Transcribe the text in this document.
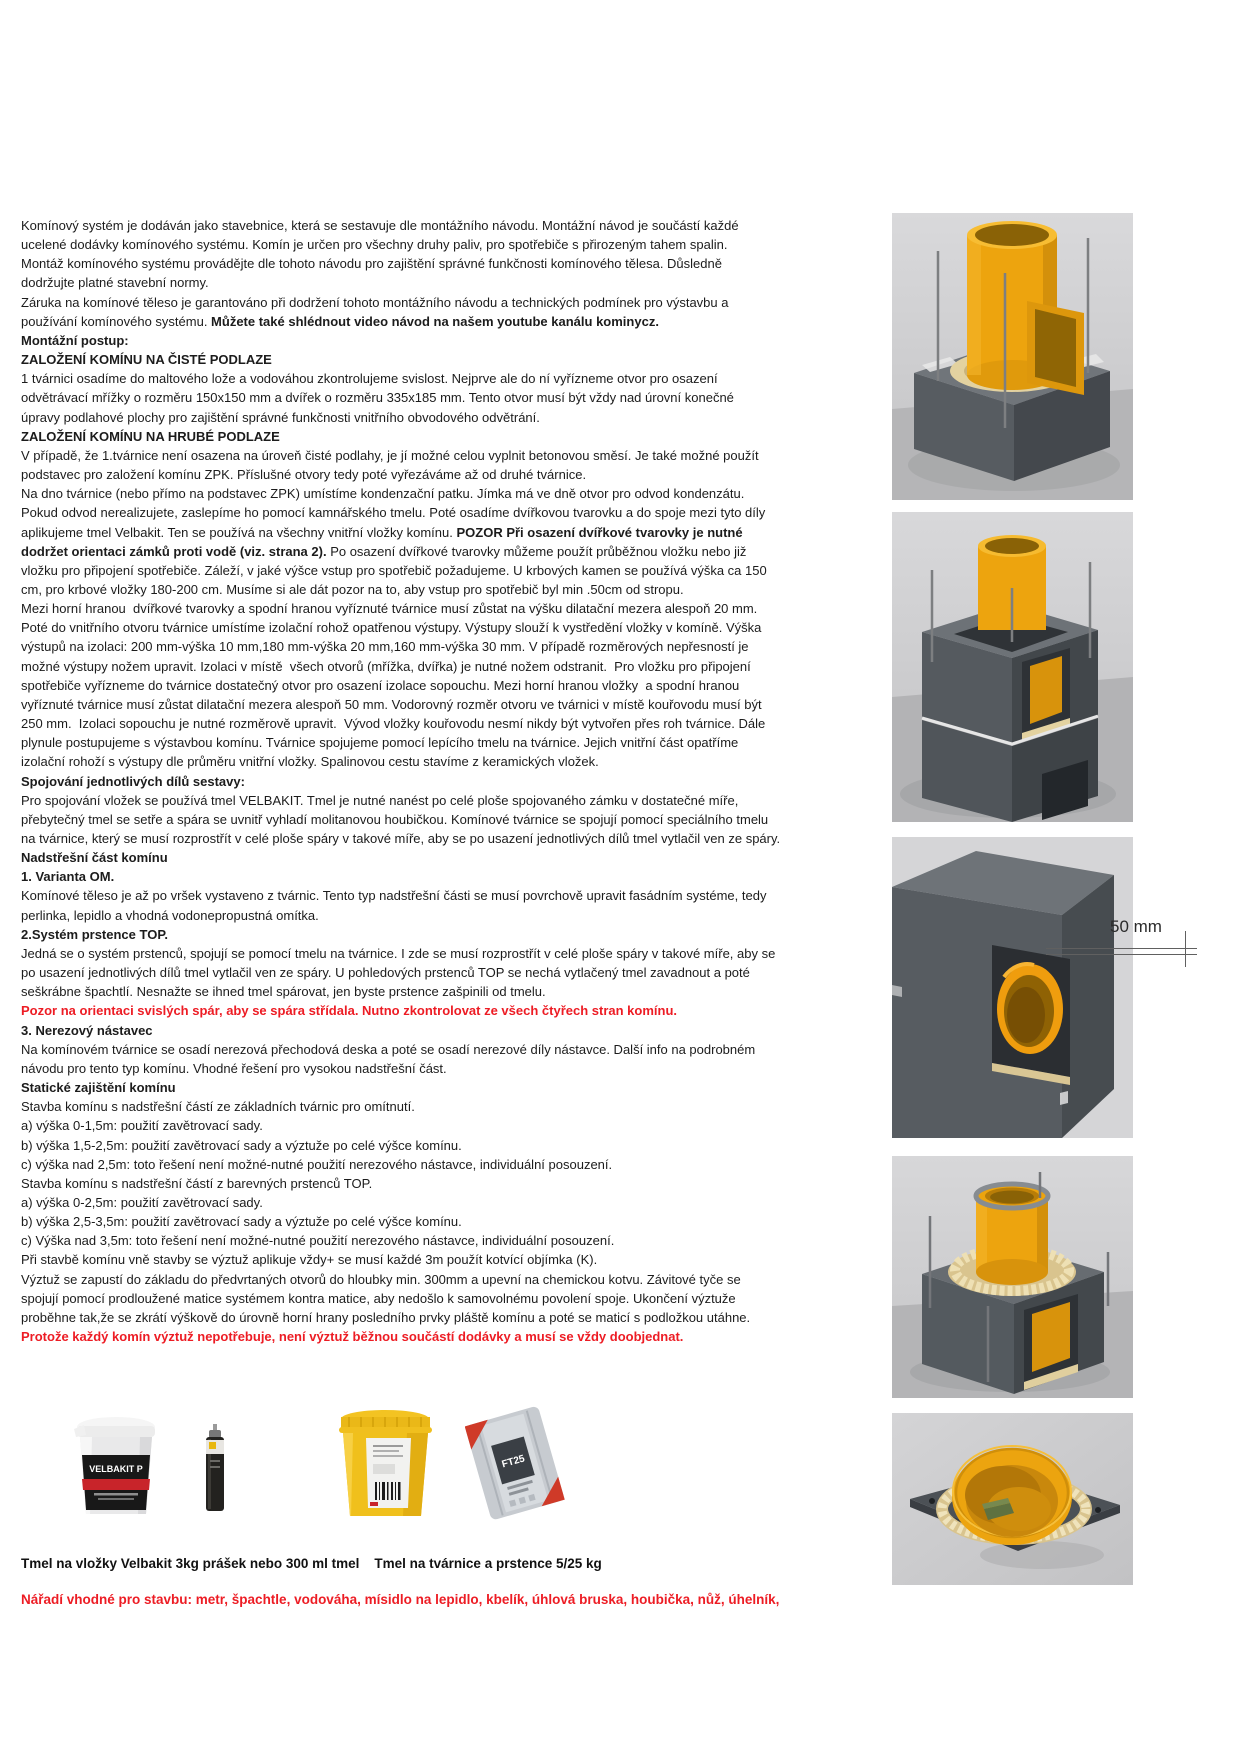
Komínový systém je dodáván jako stavebnice, která se sestavuje dle montážního návodu. Montážní návod je součástí každé
ucelené dodávky komínového systému. Komín je určen pro všechny druhy paliv, pro spotřebiče s přirozeným tahem spalin.
Montáž komínového systému provádějte dle tohoto návodu pro zajištění správné funkčnosti komínového tělesa. Důsledně
dodržujte platné stavební normy.
Záruka na komínové těleso je garantováno při dodržení tohoto montážního návodu a technických podmínek pro výstavbu a
používání komínového systému. Můžete také shlédnout video návod na našem youtube kanálu kominycz.
Montážní postup:
ZALOŽENÍ KOMÍNU NA ČISTÉ PODLAZE
1 tvárnici osadíme do maltového lože a vodováhou zkontrolujeme svislost. Nejprve ale do ní vyřízneme otvor pro osazení
odvětrávací mřížky o rozměru 150x150 mm a dvířek o rozměru 335x185 mm. Tento otvor musí být vždy nad úrovní konečné
úpravy podlahové plochy pro zajištění správné funkčnosti vnitřního obvodového odvětrání.
ZALOŽENÍ KOMÍNU NA HRUBÉ PODLAZE
V případě, že 1.tvárnice není osazena na úroveň čisté podlahy, je jí možné celou vyplnit betonovou směsí. Je také možné použít
podstavec pro založení komínu ZPK. Příslušné otvory tedy poté vyřezáváme až od druhé tvárnice.
Na dno tvárnice (nebo přímo na podstavec ZPK) umístíme kondenzační patku. Jímka má ve dně otvor pro odvod kondenzátu.
Pokud odvod nerealizujete, zaslepíme ho pomocí kamnářského tmelu. Poté osadíme dvířkovou tvarovku a do spoje mezi tyto díly
aplikujeme tmel Velbakit. Ten se používá na všechny vnitřní vložky komínu. POZOR Při osazení dvířkové tvarovky je nutné
dodržet orientaci zámků proti vodě (viz. strana 2). Po osazení dvířkové tvarovky můžeme použít průběžnou vložku nebo již
vložku pro připojení spotřebiče. Záleží, v jaké výšce vstup pro spotřebič požadujeme. U krbových kamen se používá výška ca 150
cm, pro krbové vložky 180-200 cm. Musíme si ale dát pozor na to, aby vstup pro spotřebič byl min .50cm od stropu.
Mezi horní hranou  dvířkové tvarovky a spodní hranou vyříznuté tvárnice musí zůstat na výšku dilatační mezera alespoň 20 mm.
Poté do vnitřního otvoru tvárnice umístíme izolační rohož opatřenou výstupy. Výstupy slouží k vystředění vložky v komíně. Výška
výstupů na izolaci: 200 mm-výška 10 mm,180 mm-výška 20 mm,160 mm-výška 30 mm. V případě rozměrových nepřesností je
možné výstupy nožem upravit. Izolaci v místě  všech otvorů (mřížka, dvířka) je nutné nožem odstranit.  Pro vložku pro připojení
spotřebiče vyřízneme do tvárnice dostatečný otvor pro osazení izolace sopouchu. Mezi horní hranou vložky  a spodní hranou
vyříznuté tvárnice musí zůstat dilatační mezera alespoň 50 mm. Vodorovný rozměr otvoru ve tvárnici v místě kouřovodu musí být
250 mm.  Izolaci sopouchu je nutné rozměrově upravit.  Vývod vložky kouřovodu nesmí nikdy být vytvořen přes roh tvárnice. Dále
plynule postupujeme s výstavbou komínu. Tvárnice spojujeme pomocí lepícího tmelu na tvárnice. Jejich vnitřní část opatříme
izolační rohoží s výstupy dle průměru vnitřní vložky. Spalinovou cestu stavíme z keramických vložek.
Spojování jednotlivých dílů sestavy:
Pro spojování vložek se používá tmel VELBAKIT. Tmel je nutné nanést po celé ploše spojovaného zámku v dostatečné míře,
přebytečný tmel se setře a spára se uvnitř vyhladí molitanovou houbičkou. Komínové tvárnice se spojují pomocí speciálního tmelu
na tvárnice, který se musí rozprostřít v celé ploše spáry v takové míře, aby se po usazení jednotlivých dílů tmel vytlačil ven ze spáry.
Nadstřešní část komínu
1. Varianta OM.
Komínové těleso je až po vršek vystaveno z tvárnic. Tento typ nadstřešní části se musí povrchově upravit fasádním systéme, tedy
perlinka, lepidlo a vhodná vodonepropustná omítka.
2.Systém prstence TOP.
Jedná se o systém prstenců, spojují se pomocí tmelu na tvárnice. I zde se musí rozprostřít v celé ploše spáry v takové míře, aby se
po usazení jednotlivých dílů tmel vytlačil ven ze spáry. U pohledových prstenců TOP se nechá vytlačený tmel zavadnout a poté
seškrábne špachtlí. Nesnažte se ihned tmel spárovat, jen byste prstence zašpinili od tmelu.
Pozor na orientaci svislých spár, aby se spára střídala. Nutno zkontrolovat ze všech čtyřech stran komínu.
3. Nerezový nástavec
Na komínovém tvárnice se osadí nerezová přechodová deska a poté se osadí nerezové díly nástavce. Další info na podrobném
návodu pro tento typ komínu. Vhodné řešení pro vysokou nadstřešní část.
Statické zajištění komínu
Stavba komínu s nadstřešní částí ze základních tvárnic pro omítnutí.
a) výška 0-1,5m: použití zavětrovací sady.
b) výška 1,5-2,5m: použití zavětrovací sady a výztuže po celé výšce komínu.
c) výška nad 2,5m: toto řešení není možné-nutné použití nerezového nástavce, individuální posouzení.
Stavba komínu s nadstřešní částí z barevných prstenců TOP.
a) výška 0-2,5m: použití zavětrovací sady.
b) výška 2,5-3,5m: použití zavětrovací sady a výztuže po celé výšce komínu.
c) Výška nad 3,5m: toto řešení není možné-nutné použití nerezového nástavce, individuální posouzení.
Při stavbě komínu vně stavby se výztuž aplikuje vždy+ se musí každé 3m použít kotvící objímka (K).
Výztuž se zapustí do základu do předvrtaných otvorů do hloubky min. 300mm a upevní na chemickou kotvu. Závitové tyče se
spojují pomocí prodloužené matice systémem kontra matice, aby nedošlo k samovolnému povolení spoje. Ukončení výztuže
proběhne tak,že se zkrátí výškově do úrovně horní hrany posledního prvky pláště komínu a poté se maticí s podložkou utáhne.
Protože každý komín výztuž nepotřebuje, není výztuž běžnou součástí dodávky a musí se vždy doobjednat.
50 mm
VELBAKIT P	FT25
Tmel na vložky Velbakit 3kg prášek nebo 300 ml tmel    Tmel na tvárnice a prstence 5/25 kg
Nářadí vhodné pro stavbu: metr, špachtle, vodováha, mísidlo na lepidlo, kbelík, úhlová bruska, houbička, nůž, úhelník,
